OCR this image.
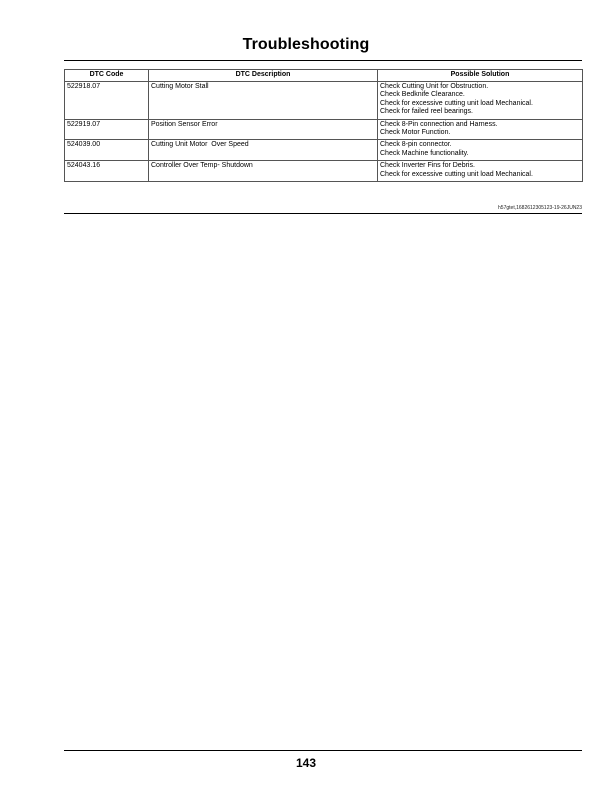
Troubleshooting
DTC Code	DTC Description	Possible Solution
522918.07	Cutting Motor Stall	Check Cutting Unit for Obstruction.
Check Bedknife Clearance.
Check for excessive cutting unit load Mechanical.
Check for failed reel bearings.

522919.07	Position Sensor Error	Check 8-Pin connection and Harness.
Check Motor Function.

524039.00	Cutting Unit Motor  Over Speed	Check 8-pin connector.
Check Machine functionality.

524043.16	Controller Over Temp- Shutdown	Check Inverter Fins for Debris.
Check for excessive cutting unit load Mechanical.
h57gtet,1682612305123-19-26JUN23
143
